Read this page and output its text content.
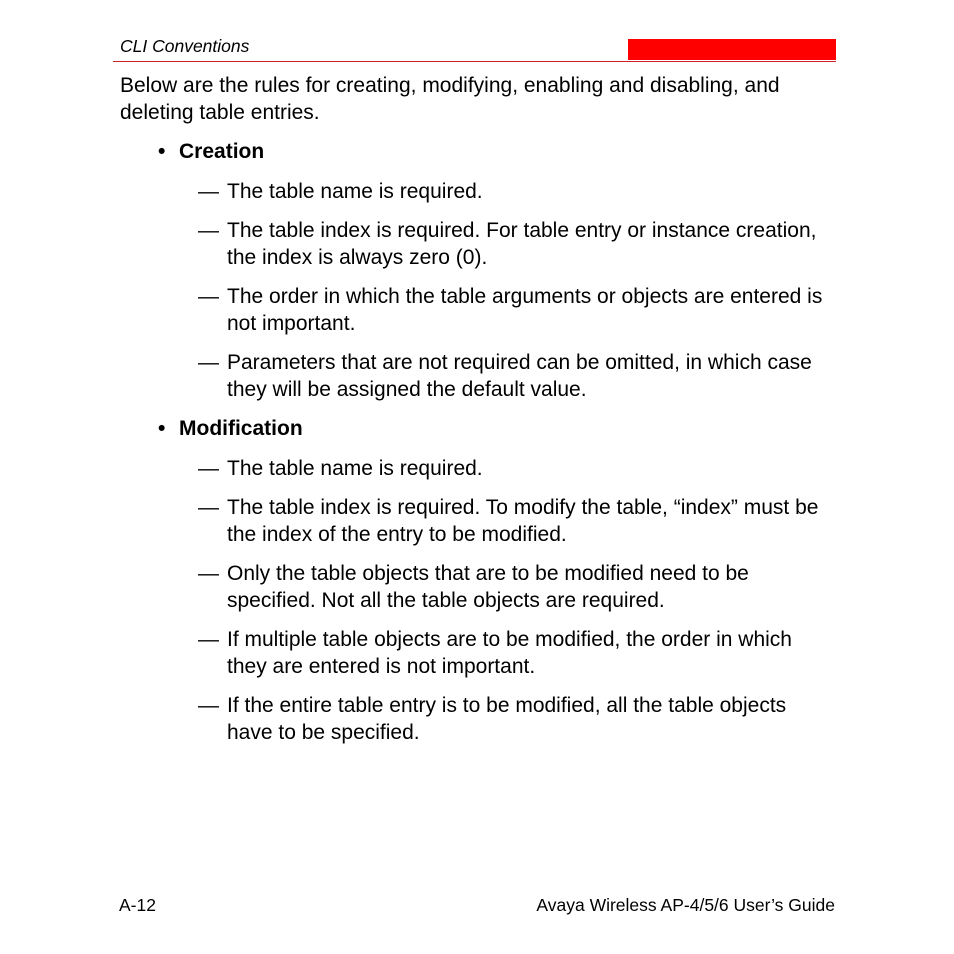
CLI Conventions

Below are the rules for creating, modifying, enabling and disabling, and deleting table entries.

• Creation
— The table name is required.
— The table index is required. For table entry or instance creation, the index is always zero (0).
— The order in which the table arguments or objects are entered is not important.
— Parameters that are not required can be omitted, in which case they will be assigned the default value.
• Modification
— The table name is required.
— The table index is required. To modify the table, “index” must be the index of the entry to be modified.
— Only the table objects that are to be modified need to be specified. Not all the table objects are required.
— If multiple table objects are to be modified, the order in which they are entered is not important.
— If the entire table entry is to be modified, all the table objects have to be specified.
A-12	Avaya Wireless AP-4/5/6 User’s Guide
